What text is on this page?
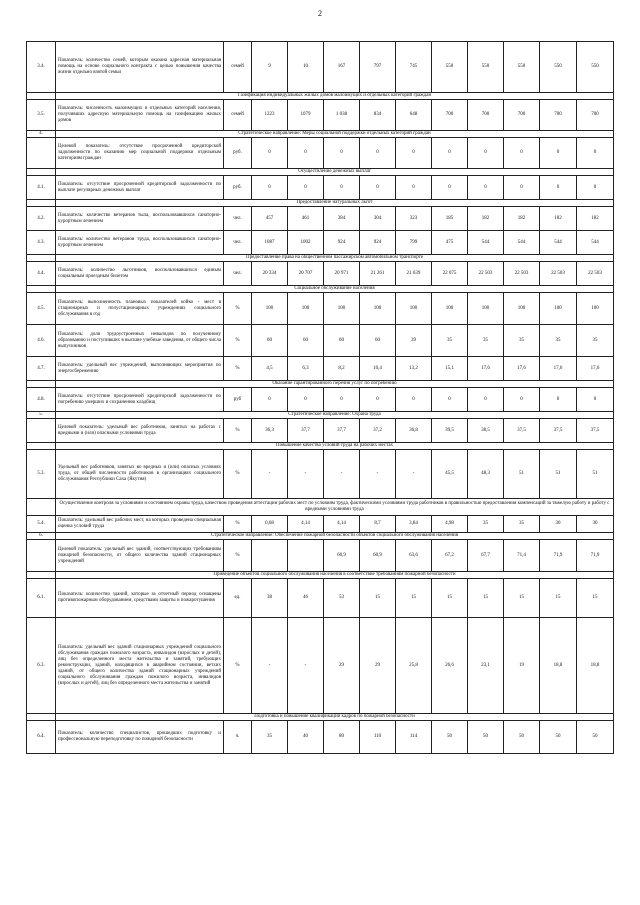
2
3.4.	Показатель: количество семей, которым оказана адресная материальная помощь на основе социального контракта с целью повышения качества жизни отдельно взятой семьи	семей	9	10	167	797	745	550	550	550	550	550
	Газификация индивидуальных жилых домов малоимущих и отдельных категорий граждан											
3.5.	Показатель: численность малоимущих и отдельных категорий населения, получивших адресную материальную помощь на газификацию жилых домов	семей	1223	1079	1 038	834	648	700	700	700	700	700
4.	Стратегическое направление: Меры социальной поддержки отдельных категорий граждан											
	Целевой показатель: отсутствие просроченной кредиторской задолженности по оказанию мер социальной поддержки отдельным категориям граждан	руб.	0	0	0	0	0	0	0	0	0	0
	Осуществление денежных выплат											
4.1.	Показатель: отсутствие просроченной кредиторской задолженности по выплате регулярных денежных выплат	руб.	0	0	0	0	0	0	0	0	0	0
	Предоставление натуральных льгот											
4.2.	Показатель: количество ветеранов тыла, воспользовавшихся санаторно-курортным лечением	чел.	457	461	384	304	323	185	182	182	182	182
4.3.	Показатель: количество ветеранов труда, воспользовавшихся санаторно-курортным лечением	чел.	1087	1002	924	924	799	475	544	544	544	544
	Предоставление права на общественном пассажирском автомобильном транспорте											
4.4.	Показатель: количество льготников, воспользовавшихся единым социальным проездным билетом	чел.	20 334	20 707	20 971	21 261	21 639	22 075	22 503	22 503	22 503	22 503
	Социальное обслуживание населения											
4.5.	Показатель: выполненность плановых показателей койко - мест в стационарных и полустационарных учреждениях социального обслуживания в год	%	100	100	100	100	100	100	100	100	100	100
4.6.	Показатель: доля трудоустроенных инвалидов по полученному образованию и поступивших в высшие учебные заведения, от общего числа выпускников	%	60	60	60	60	39	35	35	35	35	35
4.7.	Показатель: удельный вес учреждений, выполняющих мероприятия по энергосбережению	%	4,5	6,3	8,2	10,4	13,2	15,1	17,6	17,6	17,6	17,6
	Оказание гарантированного перечня услуг по погребению											
4.8.	Показатель: отсутствие просроченной кредиторской задолженности по погребению умерших и сохранению кладбищ	руб	0	0	0	0	0	0	0	0	0	0
5.	Стратегическое направление: Охрана труда											
	Целевой показатель: удельный вес работников, занятых на работах с вредными и (или) опасными условиями труда	%	36,3	37,7	37,7	37,2	36,8	39,5	38,5	37,5	37,5	37,5
	Повышение качества условий труда на рабочих местах											
5.3.	Удельный вес работников, занятых во вредных и (или) опасных условиях труда, от общей численности работников в организациях социального обслуживания Республики Саха (Якутия)	%	-	-	-	-	-	45,5	48,3	51	51	51
	Осуществление контроля за условиями и состоянием охраны труда, качеством проведения аттестации рабочих мест по условиям труда, фактическими условиями труда работников в правильностью предоставления компенсаций за тяжелую работу и работу с вредными условиями труда											
5.4.	Показатель: удельный вес рабочих мест, на которых проведена специальная оценка условий труда	%	0,68	4,14	4,14	8,7	3,84	4,98	35	35	30	30
6.	Стратегическое направление: Обеспечение пожарной безопасности объектов социального обслуживания населения											
	Целевой показатель: удельный вес зданий, соответствующих требованиям пожарной безопасности, от общего количества зданий стационарных учреждений	%			60,9	60,9	63,6	67,2	67,7	71,4	71,9	71,9
	Приведение объектов социального обслуживания населения в соответствие требованиям пожарной безопасности											
6.1.	Показатель: количество зданий, которые за отчетный период оснащены противопожарным оборудованием, средствами защиты и пожаротушения	ед.	38	46	53	15	15	15	15	15	15	15
6.3.	Показатель: удельный вес зданий стационарных учреждений социального обслуживания граждан пожилого возраста, инвалидов (взрослых и детей), лиц без определенного места жительства и занятий, требующих реконструкции, зданий, находящихся в аварийном состоянии, ветхих зданий, от общего количества зданий стационарных учреждений социального обслуживания граждан пожилого возраста, инвалидов (взрослых и детей), лиц без определенного места жительства и занятий	%	-	-	29	29	25,8	26,6	23,1	19	18,8	18,8
	Подготовка и повышение квалификации кадров по пожарной безопасности											
6.4.	Показатель: количество специалистов, прошедших подготовку и профессиональную переподготовку по пожарной безопасности	ч.	35	40	80	110	114	50	50	50	50	50
